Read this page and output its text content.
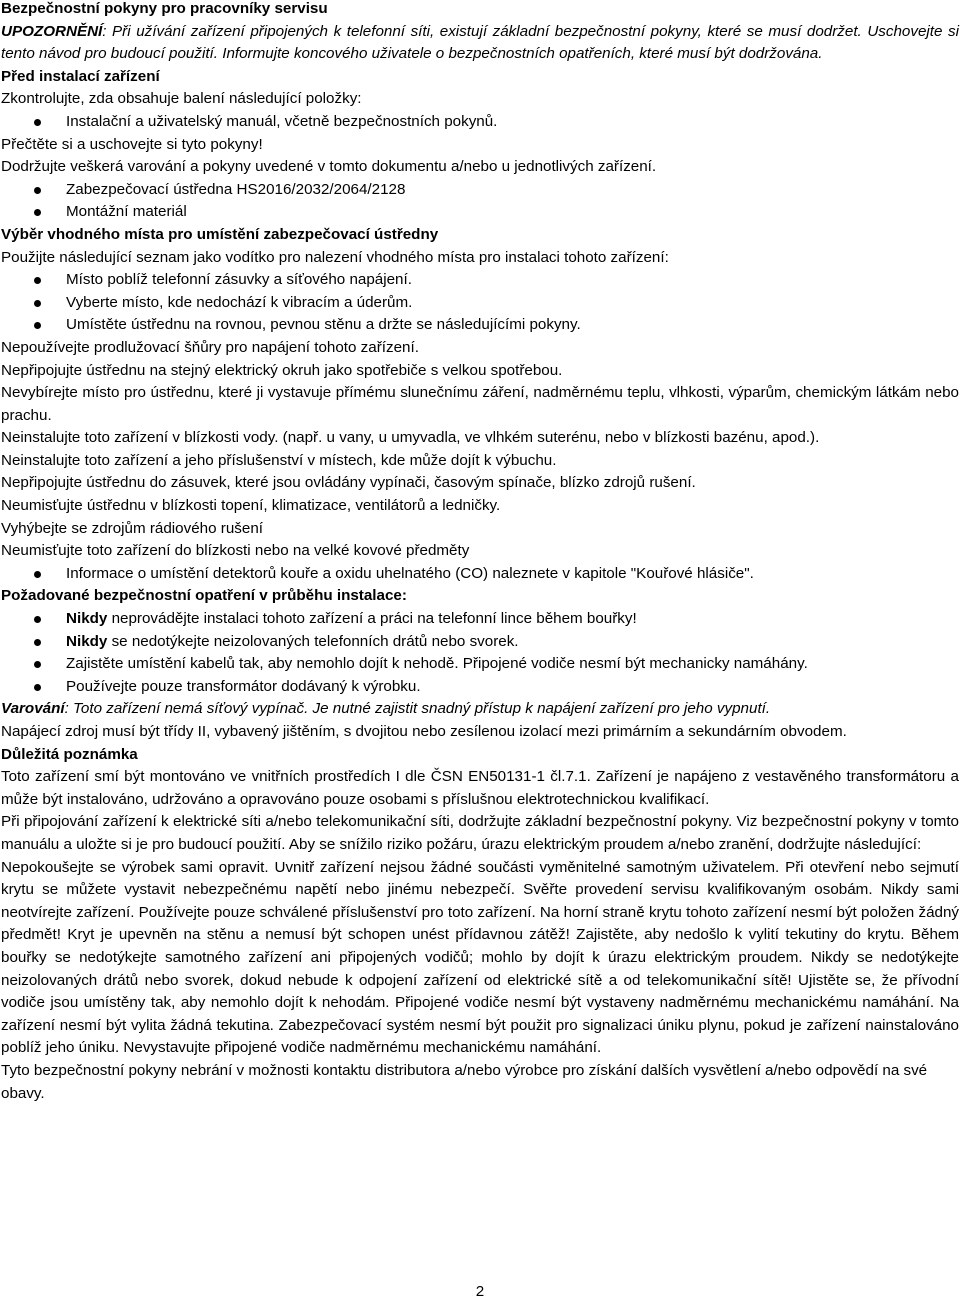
Bezpečnostní pokyny pro pracovníky servisu

UPOZORNĚNÍ: Při užívání zařízení připojených k telefonní síti, existují základní bezpečnostní pokyny, které se musí dodržet. Uschovejte si tento návod pro budoucí použití. Informujte koncového uživatele o bezpečnostních opatřeních, které musí být dodržována.

Před instalací zařízení

Zkontrolujte, zda obsahuje balení následující položky:

Instalační a uživatelský manuál, včetně bezpečnostních pokynů.

Přečtěte si a uschovejte si tyto pokyny!

Dodržujte veškerá varování a pokyny uvedené v tomto dokumentu a/nebo u jednotlivých zařízení.

Zabezpečovací ústředna HS2016/2032/2064/2128
Montážní materiál

Výběr vhodného místa pro umístění zabezpečovací ústředny

Použijte následující seznam jako vodítko pro nalezení vhodného místa pro instalaci tohoto zařízení:

Místo poblíž telefonní zásuvky a síťového napájení.
Vyberte místo, kde nedochází k vibracím a úderům.
Umístěte ústřednu na rovnou, pevnou stěnu a držte se následujícími pokyny.

Nepoužívejte prodlužovací šňůry pro napájení tohoto zařízení.

Nepřipojujte ústřednu na stejný elektrický okruh jako spotřebiče s velkou spotřebou.

Nevybírejte místo pro ústřednu, které ji vystavuje přímému slunečnímu záření, nadměrnému teplu, vlhkosti, výparům, chemickým látkám nebo prachu.

Neinstalujte toto zařízení v blízkosti vody. (např. u vany, u umyvadla, ve vlhkém suterénu, nebo v blízkosti bazénu, apod.).

Neinstalujte toto zařízení a jeho příslušenství v místech, kde může dojít k výbuchu.

Nepřipojujte ústřednu do zásuvek, které jsou ovládány vypínači, časovým spínače, blízko zdrojů rušení.

Neumisťujte ústřednu v blízkosti topení, klimatizace, ventilátorů a ledničky.

Vyhýbejte se zdrojům rádiového rušení

Neumisťujte toto zařízení do blízkosti nebo na velké kovové předměty

Informace o umístění detektorů kouře a oxidu uhelnatého (CO) naleznete v kapitole "Kouřové hlásiče".

Požadované bezpečnostní opatření v průběhu instalace:

Nikdy neprovádějte instalaci tohoto zařízení a práci na telefonní lince během bouřky!
Nikdy se nedotýkejte neizolovaných telefonních drátů nebo svorek.
Zajistěte umístění kabelů tak, aby nemohlo dojít k nehodě. Připojené vodiče nesmí být mechanicky namáhány.
Používejte pouze transformátor dodávaný k výrobku.

Varování: Toto zařízení nemá síťový vypínač. Je nutné zajistit snadný přístup k napájení zařízení pro jeho vypnutí.

Napájecí zdroj musí být třídy II, vybavený jištěním, s dvojitou nebo zesílenou izolací mezi primárním a sekundárním obvodem.

Důležitá poznámka

Toto zařízení smí být montováno ve vnitřních prostředích I dle ČSN EN50131-1 čl.7.1. Zařízení je napájeno z vestavěného transformátoru a může být instalováno, udržováno a opravováno pouze osobami s příslušnou elektrotechnickou kvalifikací.

Při připojování zařízení k elektrické síti a/nebo telekomunikační síti, dodržujte základní bezpečnostní pokyny. Viz bezpečnostní pokyny v tomto manuálu a uložte si je pro budoucí použití. Aby se snížilo riziko požáru, úrazu elektrickým proudem a/nebo zranění, dodržujte následující:

Nepokoušejte se výrobek sami opravit. Uvnitř zařízení nejsou žádné součásti vyměnitelné samotným uživatelem. Při otevření nebo sejmutí krytu se můžete vystavit nebezpečnému napětí nebo jinému nebezpečí. Svěřte provedení servisu kvalifikovaným osobám. Nikdy sami neotvírejte zařízení. Používejte pouze schválené příslušenství pro toto zařízení. Na horní straně krytu tohoto zařízení nesmí být položen žádný předmět! Kryt je upevněn na stěnu a nemusí být schopen unést přídavnou zátěž! Zajistěte, aby nedošlo k vylití tekutiny do krytu. Během bouřky se nedotýkejte samotného zařízení ani připojených vodičů; mohlo by dojít k úrazu elektrickým proudem. Nikdy se nedotýkejte neizolovaných drátů nebo svorek, dokud nebude k odpojení zařízení od elektrické sítě a od telekomunikační sítě! Ujistěte se, že přívodní vodiče jsou umístěny tak, aby nemohlo dojít k nehodám. Připojené vodiče nesmí být vystaveny nadměrnému mechanickému namáhání. Na zařízení nesmí být vylita žádná tekutina. Zabezpečovací systém nesmí být použit pro signalizaci úniku plynu, pokud je zařízení nainstalováno poblíž jeho úniku. Nevystavujte připojené vodiče nadměrnému mechanickému namáhání.

Tyto bezpečnostní pokyny nebrání v možnosti kontaktu distributora a/nebo výrobce pro získání dalších vysvětlení a/nebo odpovědí na své obavy.

2
